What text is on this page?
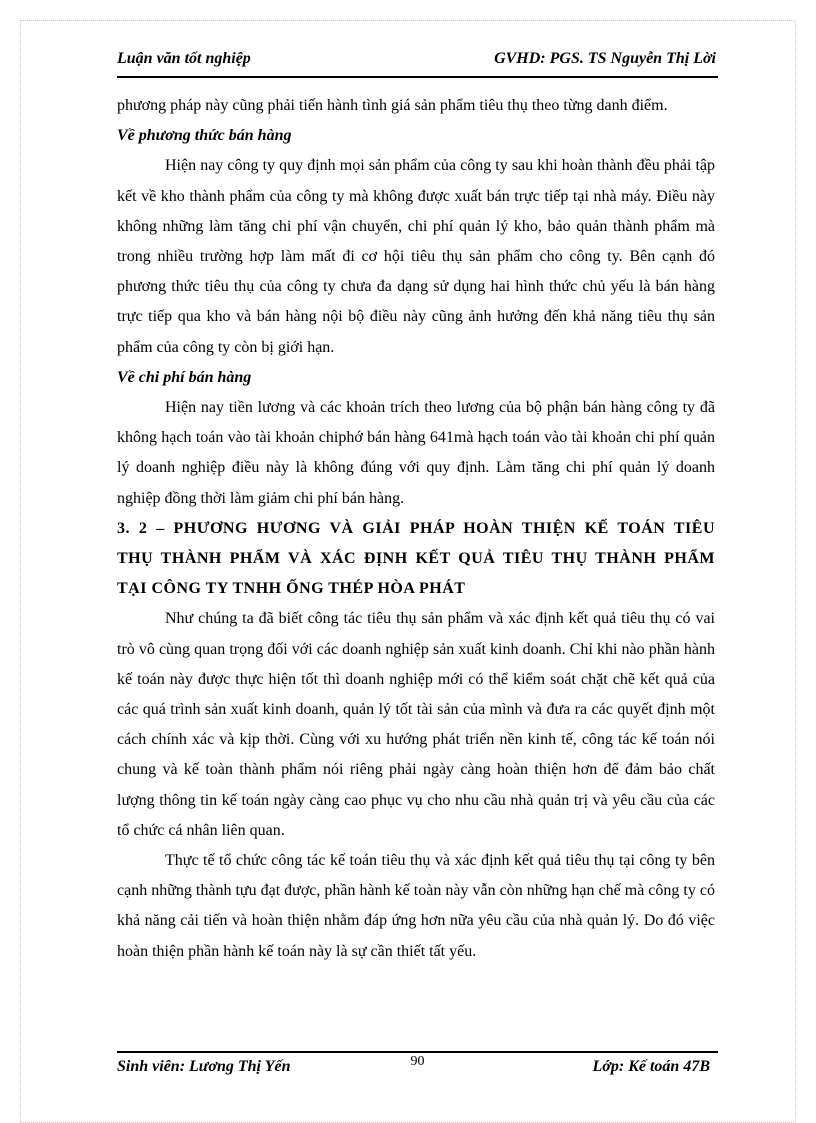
Luận văn tốt nghiệp	GVHD: PGS. TS Nguyễn Thị Lời

phương pháp này cũng phải tiến hành tình giá sản phẩm tiêu thụ theo từng danh điểm.

Về phương thức bán hàng

Hiện nay công ty quy định mọi sản phẩm của công ty sau khi hoàn thành đều phải tập kết về kho thành phẩm của công ty mà không được xuất bán trực tiếp tại nhà máy. Điều này không những làm tăng chi phí vận chuyển, chi phí quản lý kho, bảo quản thành phẩm mà trong nhiều trường hợp làm mất đi cơ hội tiêu thụ sản phẩm cho công ty. Bên cạnh đó phương thức tiêu thụ của công ty chưa đa dạng sử dụng hai hình thức chủ yếu là bán hàng trực tiếp qua kho và bán hàng nội bộ điều này cũng ảnh hưởng đến khả năng tiêu thụ sản phẩm của công ty còn bị giới hạn.

Về chi phí bán hàng

Hiện nay tiền lương và các khoản trích theo lương của bộ phận bán hàng công ty đã không hạch toán vào tài khoản chiphớ bán hàng 641mà hạch toán vào tài khoản chi phí quản lý doanh nghiệp điều này là không đúng với quy định. Làm tăng chi phí quản lý doanh nghiệp đồng thời làm giảm chi phí bán hàng.

3. 2 – PHƯƠNG HƯƠNG VÀ GIẢI PHÁP HOÀN THIỆN KẾ TOÁN TIÊU
THỤ THÀNH PHẨM VÀ XÁC ĐỊNH KẾT QUẢ TIÊU THỤ THÀNH PHẨM
TẠI CÔNG TY TNHH ỐNG THÉP HÒA PHÁT

Như chúng ta đã biết công tác tiêu thụ sản phẩm và xác định kết quả tiêu thụ có vai trò vô cùng quan trọng đối với các doanh nghiệp sản xuất kinh doanh. Chỉ khi nào phần hành kế toán này được thực hiện tốt thì doanh nghiệp mới có thể kiểm soát chặt chẽ kết quả của các quá trình sản xuất kinh doanh, quản lý tốt tài sản của mình và đưa ra các quyết định một cách chính xác và kịp thời. Cùng với xu hướng phát triển nền kinh tế, công tác kế toán nói chung và kế toàn thành phẩm nói riêng phải ngày càng hoàn thiện hơn để đảm bảo chất lượng thông tin kế toán ngày càng cao phục vụ cho nhu cầu nhà quản trị và yêu cầu của các tổ chức cá nhân liên quan.

Thực tế tổ chức công tác kế toán tiêu thụ và xác định kết quả tiêu thụ tại công ty bên cạnh những thành tựu đạt được, phần hành kế toàn này vẫn còn những hạn chế mà công ty có khả năng cải tiến và hoàn thiện nhằm đáp ứng hơn nữa yêu cầu của nhà quản lý. Do đó việc hoàn thiện phần hành kế toán này là sự cần thiết tất yếu.

Sinh viên: Lương Thị Yến	90	Lớp: Kế toán 47B
